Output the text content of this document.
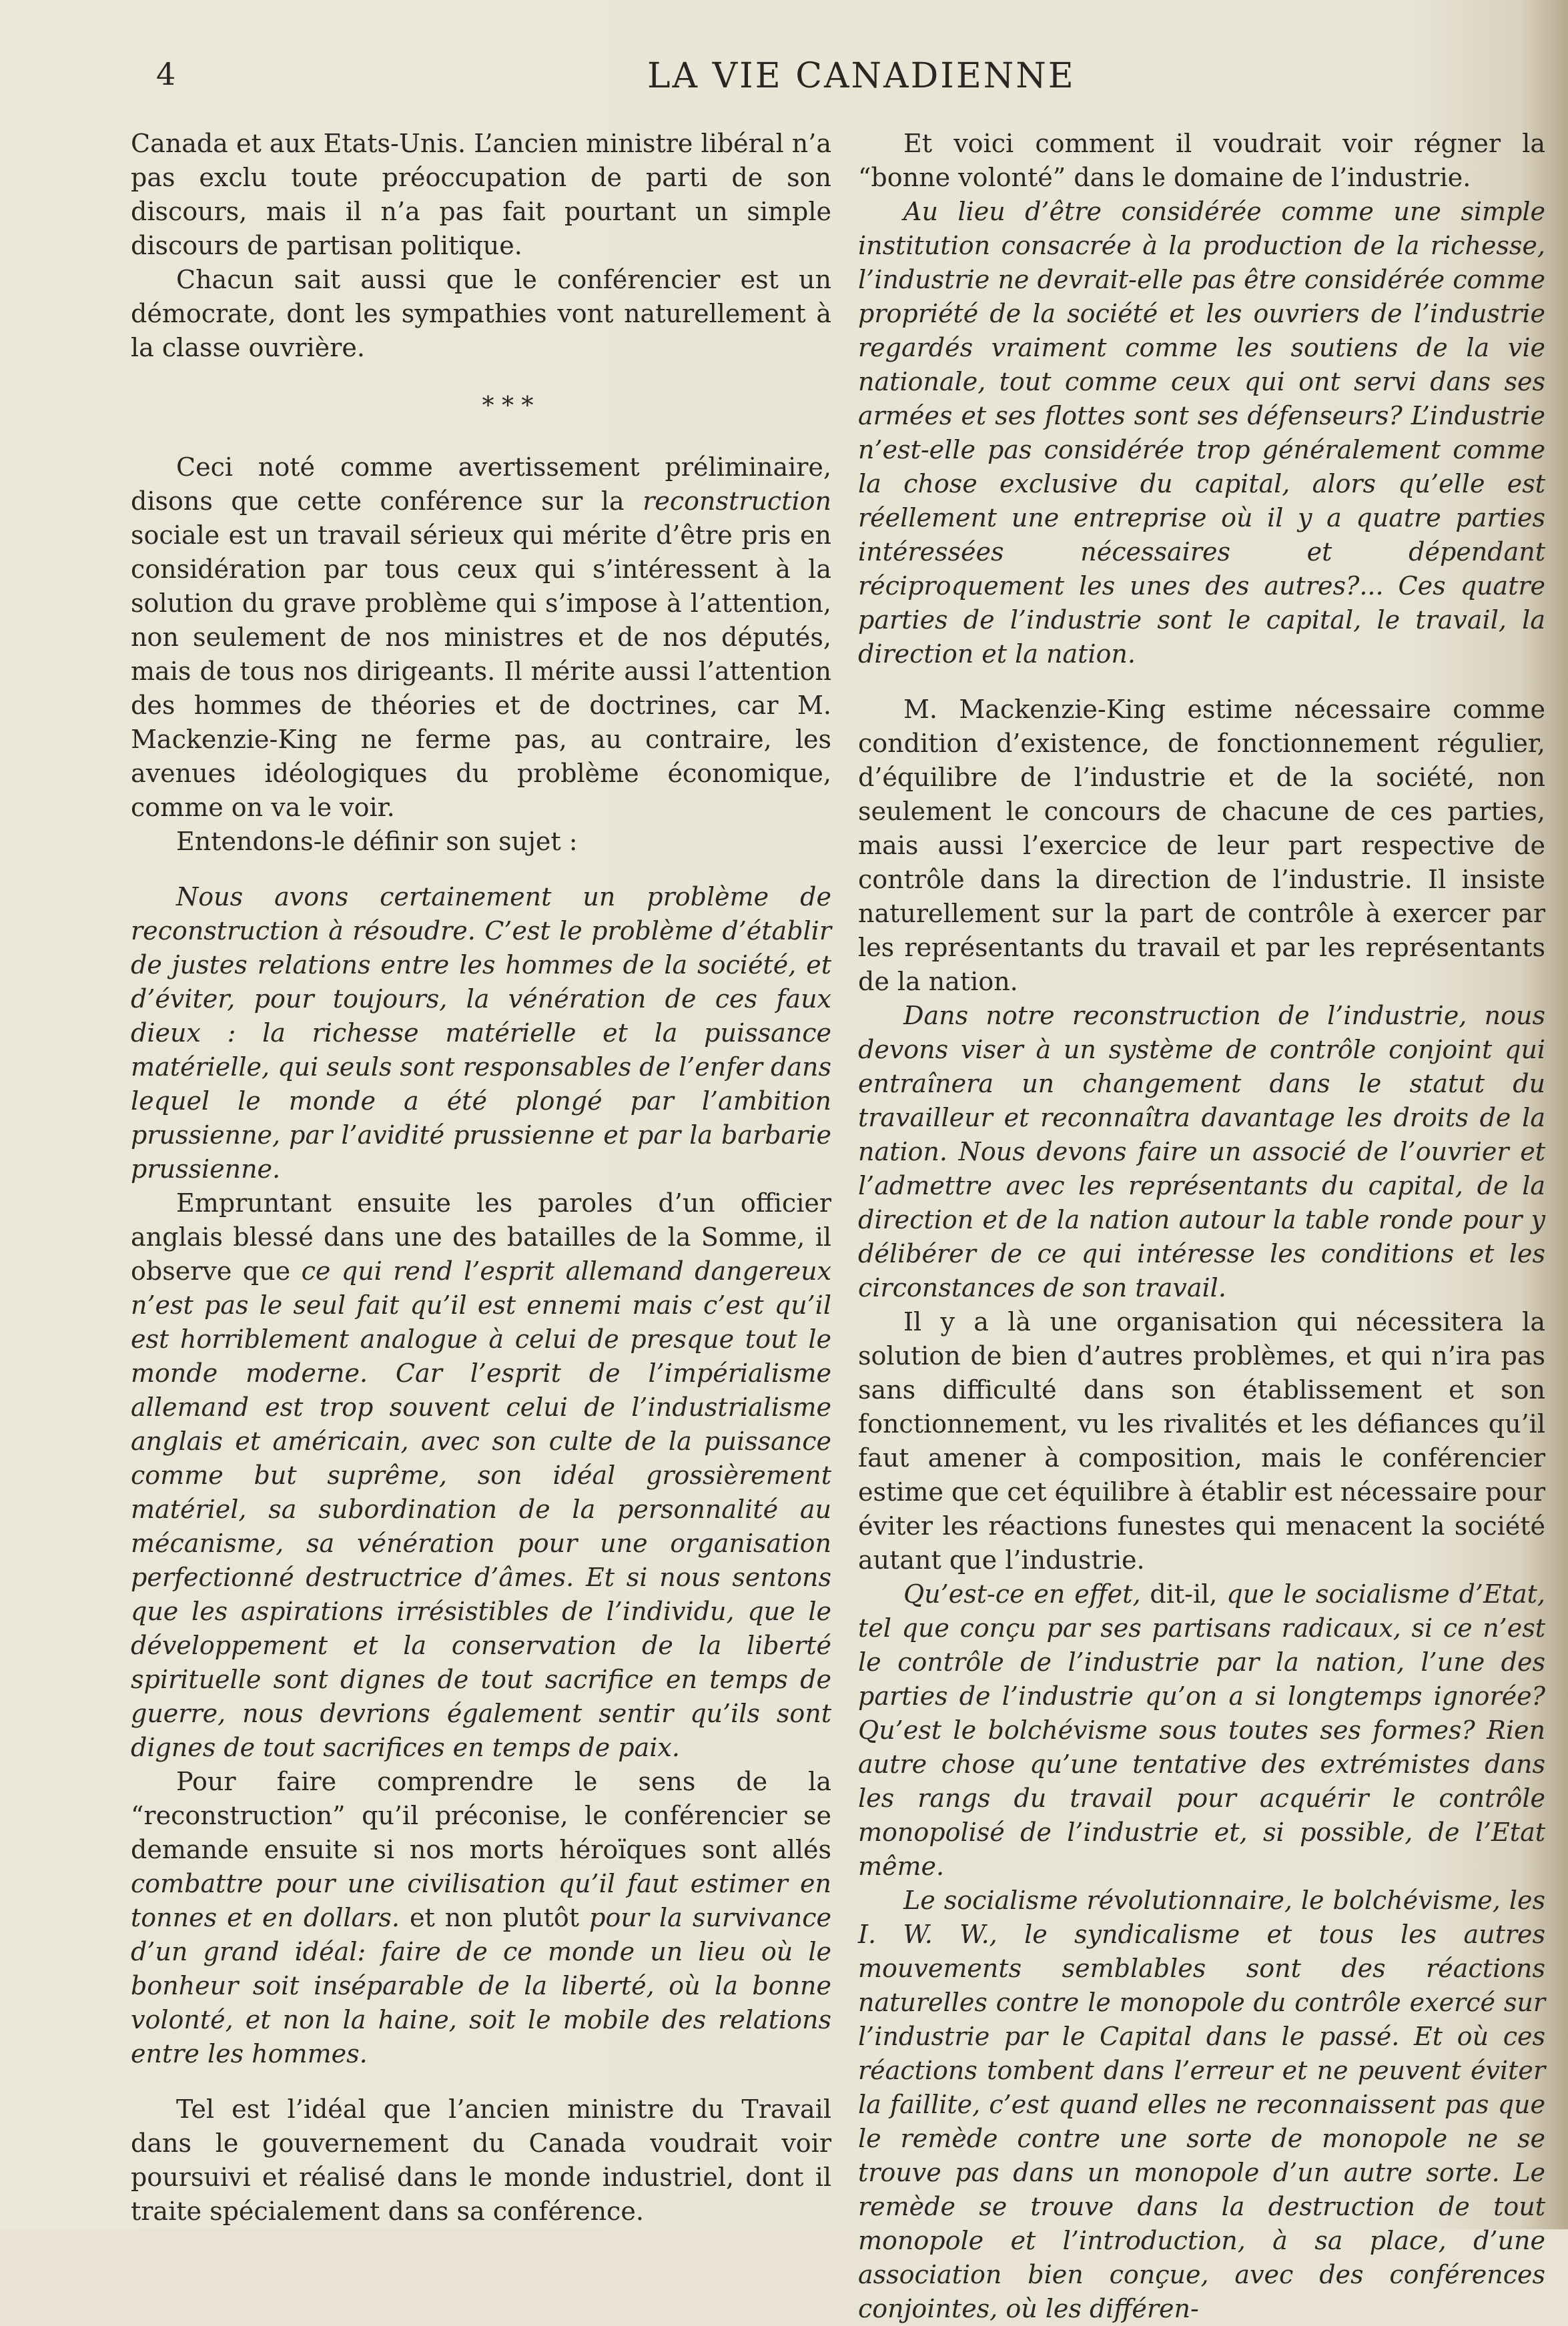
4	LA VIE CANADIENNE

Canada et aux Etats-Unis. L’ancien ministre libéral n’a pas exclu toute préoccupation de parti de son discours, mais il n’a pas fait pourtant un simple discours de partisan politique.

Chacun sait aussi que le conférencier est un démocrate, dont les sympathies vont naturellement à la classe ouvrière.

* * *

Ceci noté comme avertissement préliminaire, disons que cette conférence sur la reconstruction sociale est un travail sérieux qui mérite d’être pris en considération par tous ceux qui s’intéressent à la solution du grave problème qui s’impose à l’attention, non seulement de nos ministres et de nos députés, mais de tous nos dirigeants. Il mérite aussi l’attention des hommes de théories et de doctrines, car M. Mackenzie-King ne ferme pas, au contraire, les avenues idéologiques du problème économique, comme on va le voir.

Entendons-le définir son sujet :

Nous avons certainement un problème de reconstruction à résoudre. C’est le problème d’établir de justes relations entre les hommes de la société, et d’éviter, pour toujours, la vénération de ces faux dieux : la richesse matérielle et la puissance matérielle, qui seuls sont responsables de l’enfer dans lequel le monde a été plongé par l’ambition prussienne, par l’avidité prussienne et par la barbarie prussienne.

Empruntant ensuite les paroles d’un officier anglais blessé dans une des batailles de la Somme, il observe que ce qui rend l’esprit allemand dangereux n’est pas le seul fait qu’il est ennemi mais c’est qu’il est horriblement analogue à celui de presque tout le monde moderne. Car l’esprit de l’impérialisme allemand est trop souvent celui de l’industrialisme anglais et américain, avec son culte de la puissance comme but suprême, son idéal grossièrement matériel, sa subordination de la personnalité au mécanisme, sa vénération pour une organisation perfectionné destructrice d’âmes. Et si nous sentons que les aspirations irrésistibles de l’individu, que le développement et la conservation de la liberté spirituelle sont dignes de tout sacrifice en temps de guerre, nous devrions également sentir qu’ils sont dignes de tout sacrifices en temps de paix.

Pour faire comprendre le sens de la “reconstruction” qu’il préconise, le conférencier se demande ensuite si nos morts héroïques sont allés combattre pour une civilisation qu’il faut estimer en tonnes et en dollars. et non plutôt pour la survivance d’un grand idéal: faire de ce monde un lieu où le bonheur soit inséparable de la liberté, où la bonne volonté, et non la haine, soit le mobile des relations entre les hommes.

Tel est l’idéal que l’ancien ministre du Travail dans le gouvernement du Canada voudrait voir poursuivi et réalisé dans le monde industriel, dont il traite spécialement dans sa conférence.

Et voici comment il voudrait voir régner la “bonne volonté” dans le domaine de l’industrie.

Au lieu d’être considérée comme une simple institution consacrée à la production de la richesse, l’industrie ne devrait-elle pas être considérée comme propriété de la société et les ouvriers de l’industrie regardés vraiment comme les soutiens de la vie nationale, tout comme ceux qui ont servi dans ses armées et ses flottes sont ses défenseurs? L’industrie n’est-elle pas considérée trop généralement comme la chose exclusive du capital, alors qu’elle est réellement une entreprise où il y a quatre parties intéressées nécessaires et dépendant réciproquement les unes des autres?... Ces quatre parties de l’industrie sont le capital, le travail, la direction et la nation.

M. Mackenzie-King estime nécessaire comme condition d’existence, de fonctionnement régulier, d’équilibre de l’industrie et de la société, non seulement le concours de chacune de ces parties, mais aussi l’exercice de leur part respective de contrôle dans la direction de l’industrie. Il insiste naturellement sur la part de contrôle à exercer par les représentants du travail et par les représentants de la nation.

Dans notre reconstruction de l’industrie, nous devons viser à un système de contrôle conjoint qui entraînera un changement dans le statut du travailleur et reconnaîtra davantage les droits de la nation. Nous devons faire un associé de l’ouvrier et l’admettre avec les représentants du capital, de la direction et de la nation autour la table ronde pour y délibérer de ce qui intéresse les conditions et les circonstances de son travail.

Il y a là une organisation qui nécessitera la solution de bien d’autres problèmes, et qui n’ira pas sans difficulté dans son établissement et son fonctionnement, vu les rivalités et les défiances qu’il faut amener à composition, mais le conférencier estime que cet équilibre à établir est nécessaire pour éviter les réactions funestes qui menacent la société autant que l’industrie.

Qu’est-ce en effet, dit-il, que le socialisme d’Etat, tel que conçu par ses partisans radicaux, si ce n’est le contrôle de l’industrie par la nation, l’une des parties de l’industrie qu’on a si longtemps ignorée? Qu’est le bolchévisme sous toutes ses formes? Rien autre chose qu’une tentative des extrémistes dans les rangs du travail pour acquérir le contrôle monopolisé de l’industrie et, si possible, de l’Etat même.

Le socialisme révolutionnaire, le bolchévisme, les I. W. W., le syndicalisme et tous les autres mouvements semblables sont des réactions naturelles contre le monopole du contrôle exercé sur l’industrie par le Capital dans le passé. Et où ces réactions tombent dans l’erreur et ne peuvent éviter la faillite, c’est quand elles ne reconnaissent pas que le remède contre une sorte de monopole ne se trouve pas dans un monopole d’un autre sorte. Le remède se trouve dans la destruction de tout monopole et l’introduction, à sa place, d’une association bien conçue, avec des conférences conjointes, où les différen-
